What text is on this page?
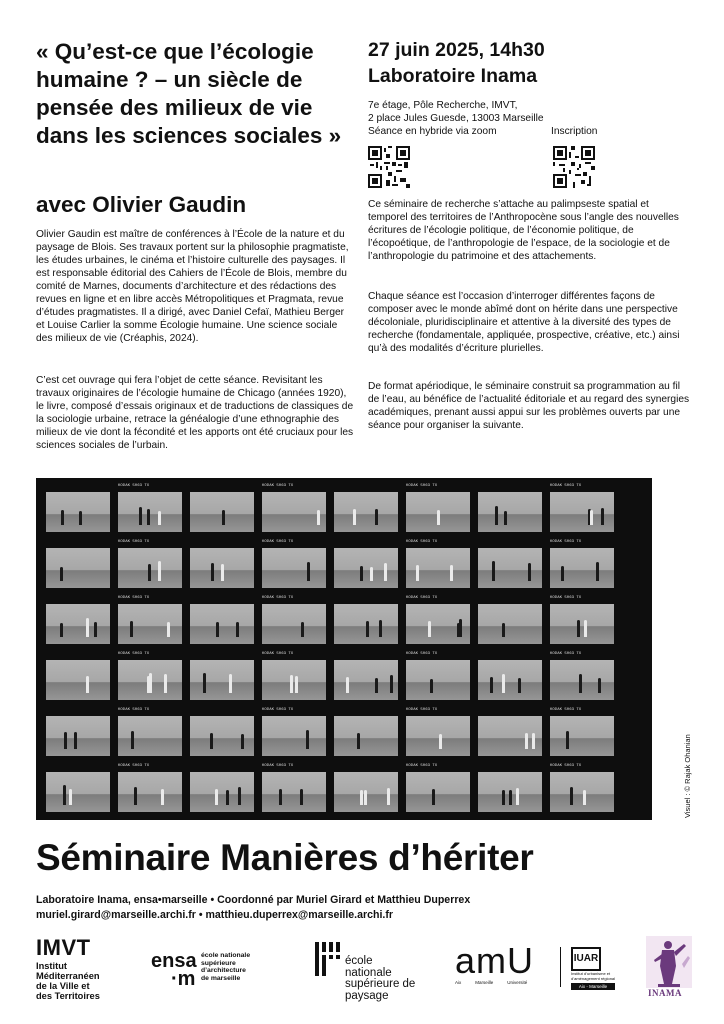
« Qu’est-ce que l’écologie humaine ? – un siècle de pensée des milieux de vie dans les sciences sociales »
avec Olivier Gaudin
Olivier Gaudin est maître de conférences à l’École de la nature et du paysage de Blois. Ses travaux portent sur la philosophie pragmatiste, les études urbaines, le cinéma et l’histoire culturelle des paysages. Il est responsable éditorial des Cahiers de l’École de Blois, membre du comité de Marnes, documents d’architecture et des rédactions des revues en ligne et en libre accès Métropolitiques et Pragmata, revue d’études pragmatistes. Il a dirigé, avec Daniel Cefaï, Mathieu Berger et Louise Carlier la somme Écologie humaine. Une science sociale des milieux de vie (Créaphis, 2024).
C’est cet ouvrage qui fera l’objet de cette séance. Revisitant les travaux originaires de l’écologie humaine de Chicago (années 1920), le livre, composé d’essais originaux et de traductions de classiques de la sociologie urbaine, retrace la généalogie d’une ethnographie des milieux de vie dont la fécondité et les apports ont été cruciaux pour les sciences sociales de l’urbain.
27 juin 2025, 14h30
Laboratoire Inama
7e étage, Pôle Recherche, IMVT,
2 place Jules Guesde, 13003 Marseille
Séance en hybride via zoom	Inscription
Ce séminaire de recherche s’attache au palimpseste spatial et temporel des territoires de l’Anthropocène sous l’angle des nouvelles écritures de l’écologie politique, de l’économie politique, de l’écopoétique, de l’anthropologie de l’espace, de la sociologie et de l’anthropologie du patrimoine et des attachements.
Chaque séance est l’occasion d’interroger différentes façons de composer avec le monde abîmé dont on hérite dans une perspective décoloniale, pluridisciplinaire et attentive à la diversité des types de recherche (fondamentale, appliquée, prospective, créative, etc.) ainsi qu’à des modalités d’écriture plurielles.
De format apériodique, le séminaire construit sa programmation au fil de l’eau, au bénéfice de l’actualité éditoriale et au regard des synergies académiques, prenant aussi appui sur les problèmes ouverts par une séance pour organiser la suivante.
KODAK 5063 TX	KODAK 5063 TX	KODAK 5063 TX	KODAK 5063 TX
KODAK 5063 TX	KODAK 5063 TX	KODAK 5063 TX	KODAK 5063 TX
KODAK 5063 TX	KODAK 5063 TX	KODAK 5063 TX	KODAK 5063 TX
KODAK 5063 TX	KODAK 5063 TX	KODAK 5063 TX	KODAK 5063 TX
KODAK 5063 TX	KODAK 5063 TX	KODAK 5063 TX	KODAK 5063 TX
KODAK 5063 TX	KODAK 5063 TX	KODAK 5063 TX	KODAK 5063 TX	Visuel : © Rajak Ohanian
Séminaire Manières d’hériter
Laboratoire Inama, ensa•marseille • Coordonné par Muriel Girard et Matthieu Duperrex
muriel.girard@marseille.archi.fr • matthieu.duperrex@marseille.archi.fr
IMVT
Institut
Méditerranéen
de la Ville et
des Territoires
ensa
·m
école nationale
supérieure
d’architecture
de marseille
école
nationale
supérieure de
paysage
amU
Aix	Marseille	Université
IUAR
Institut d’urbanisme et d’aménagement régional
Aix - Marseille
INAMA
